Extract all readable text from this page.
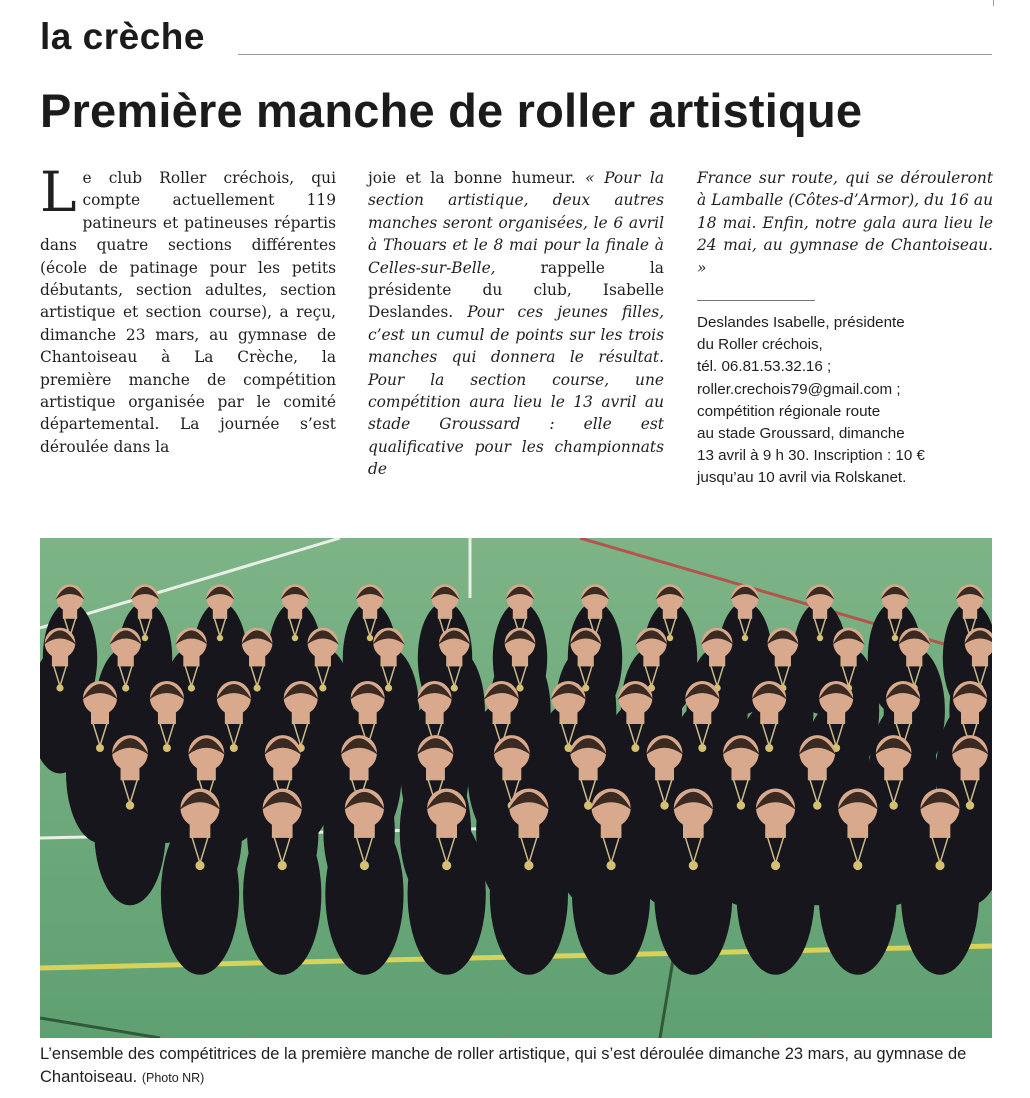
la crèche
Première manche de roller artistique

Le club Roller créchois, qui compte actuellement 119 patineurs et patineuses répartis dans quatre sections différentes (école de patinage pour les petits débutants, section adultes, section artistique et section course), a reçu, dimanche 23 mars, au gymnase de Chantoiseau à La Crèche, la première manche de compétition artistique organisée par le comité départemental. La journée s’est déroulée dans la

joie et la bonne humeur. « Pour la section artistique, deux autres manches seront organisées, le 6 avril à Thouars et le 8 mai pour la finale à Celles-sur-Belle, rappelle la présidente du club, Isabelle Deslandes. Pour ces jeunes filles, c’est un cumul de points sur les trois manches qui donnera le résultat. Pour la section course, une compétition aura lieu le 13 avril au stade Groussard : elle est qualificative pour les championnats de

France sur route, qui se dérouleront à Lamballe (Côtes-d’Armor), du 16 au 18 mai. Enfin, notre gala aura lieu le 24 mai, au gymnase de Chantoiseau. »

Deslandes Isabelle, présidente
du Roller créchois,
tél. 06.81.53.32.16 ;
roller.crechois79@gmail.com ;
compétition régionale route
au stade Groussard, dimanche
13 avril à 9 h 30. Inscription : 10 €
jusqu’au 10 avril via Rolskanet.
L’ensemble des compétitrices de la première manche de roller artistique, qui s’est déroulée dimanche 23 mars, au gymnase de Chantoiseau. (Photo NR)
